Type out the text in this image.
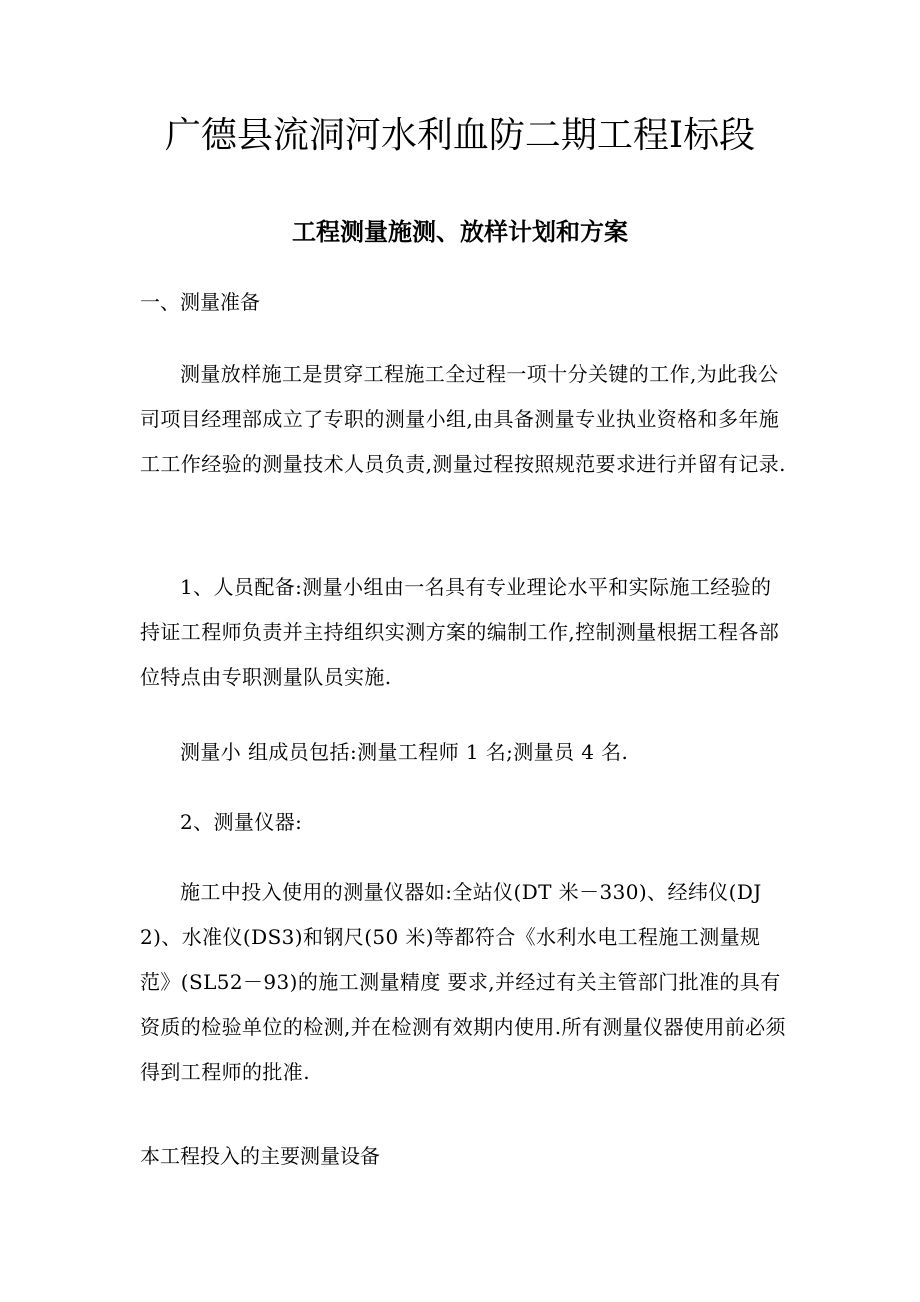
广德县流洞河水利血防二期工程Ⅰ标段
工程测量施测、放样计划和方案

一、测量准备

测量放样施工是贯穿工程施工全过程一项十分关键的工作,为此我公司项目经理部成立了专职的测量小组,由具备测量专业执业资格和多年施工工作经验的测量技术人员负责,测量过程按照规范要求进行并留有记录.

1、人员配备:测量小组由一名具有专业理论水平和实际施工经验的持证工程师负责并主持组织实测方案的编制工作,控制测量根据工程各部位特点由专职测量队员实施.

测量小 组成员包括:测量工程师 1 名;测量员 4 名.

2、测量仪器:

施工中投入使用的测量仪器如:全站仪(DT 米－330)、经纬仪(DJ2)、水准仪(DS3)和钢尺(50 米)等都符合《水利水电工程施工测量规范》(SL52－93)的施工测量精度 要求,并经过有关主管部门批准的具有资质的检验单位的检测,并在检测有效期内使用.所有测量仪器使用前必须得到工程师的批准.

本工程投入的主要测量设备
